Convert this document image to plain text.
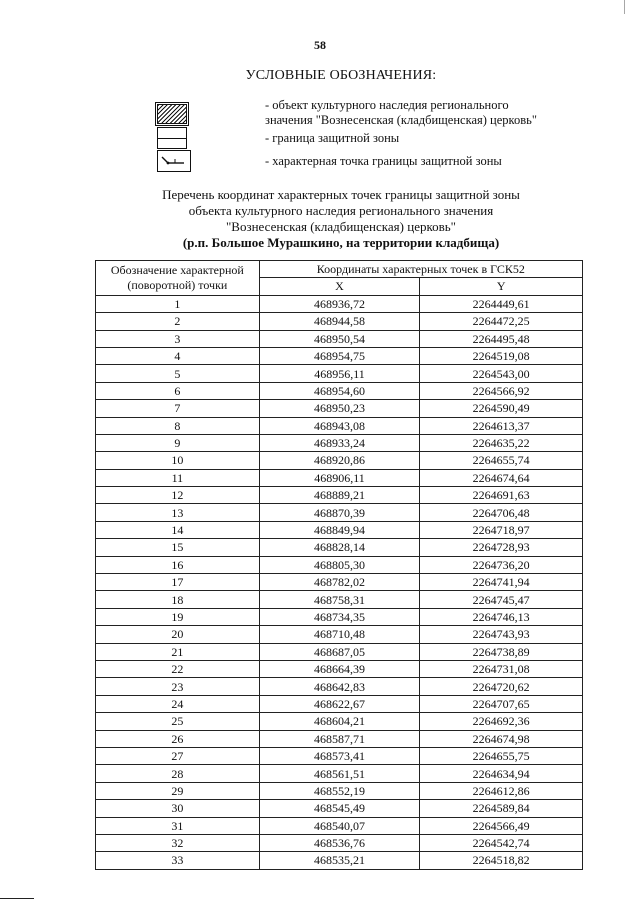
58
УСЛОВНЫЕ ОБОЗНАЧЕНИЯ:
- объект культурного наследия регионального
значения "Вознесенская (кладбищенская) церковь"
- граница защитной зоны
- характерная точка границы защитной зоны
Перечень координат характерных точек границы защитной зоны
объекта культурного наследия регионального значения
"Вознесенская (кладбищенская) церковь"
(р.п. Большое Мурашкино, на территории кладбища)
Обозначение характерной (поворотной) точки	Координаты характерных точек в ГСК52	
	X	Y
1	468936,72	2264449,61
2	468944,58	2264472,25
3	468950,54	2264495,48
4	468954,75	2264519,08
5	468956,11	2264543,00
6	468954,60	2264566,92
7	468950,23	2264590,49
8	468943,08	2264613,37
9	468933,24	2264635,22
10	468920,86	2264655,74
11	468906,11	2264674,64
12	468889,21	2264691,63
13	468870,39	2264706,48
14	468849,94	2264718,97
15	468828,14	2264728,93
16	468805,30	2264736,20
17	468782,02	2264741,94
18	468758,31	2264745,47
19	468734,35	2264746,13
20	468710,48	2264743,93
21	468687,05	2264738,89
22	468664,39	2264731,08
23	468642,83	2264720,62
24	468622,67	2264707,65
25	468604,21	2264692,36
26	468587,71	2264674,98
27	468573,41	2264655,75
28	468561,51	2264634,94
29	468552,19	2264612,86
30	468545,49	2264589,84
31	468540,07	2264566,49
32	468536,76	2264542,74
33	468535,21	2264518,82
